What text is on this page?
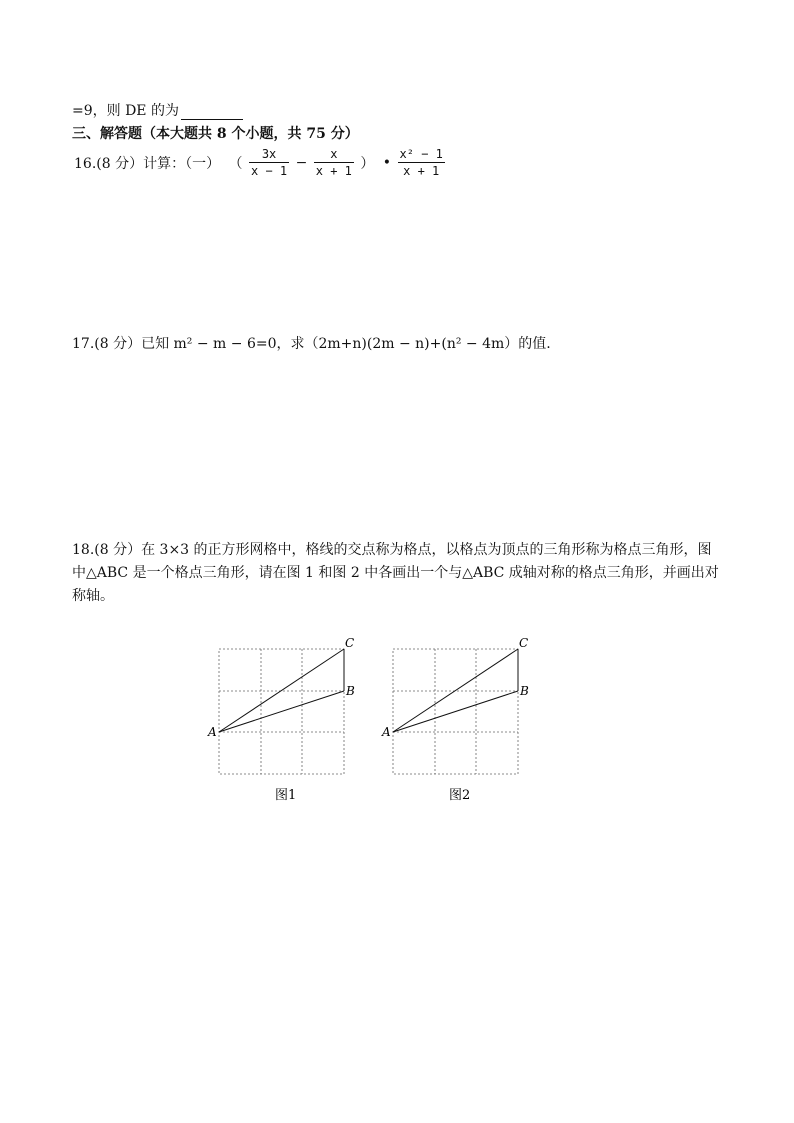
=9，则 DE 的为
三、解答题（本大题共 8 个小题，共 75 分）
16.(8 分）计算：（一） （ $\frac{3x}{x - 1} - \frac{x}{x + 1}$ ） • $\frac{\text{x² − 1}}{x + 1}$
17.(8 分）已知 m² − m − 6=0，求（2m+n)(2m − n)+(n² − 4m）的值.
18.(8 分）在 3×3 的正方形网格中，格线的交点称为格点，以格点为顶点的三角形称为格点三角形，图中△ABC 是一个格点三角形，请在图 1 和图 2 中各画出一个与△ABC 成轴对称的格点三角形，并画出对称轴。
A
B
C
图1
A
B
C
图2
